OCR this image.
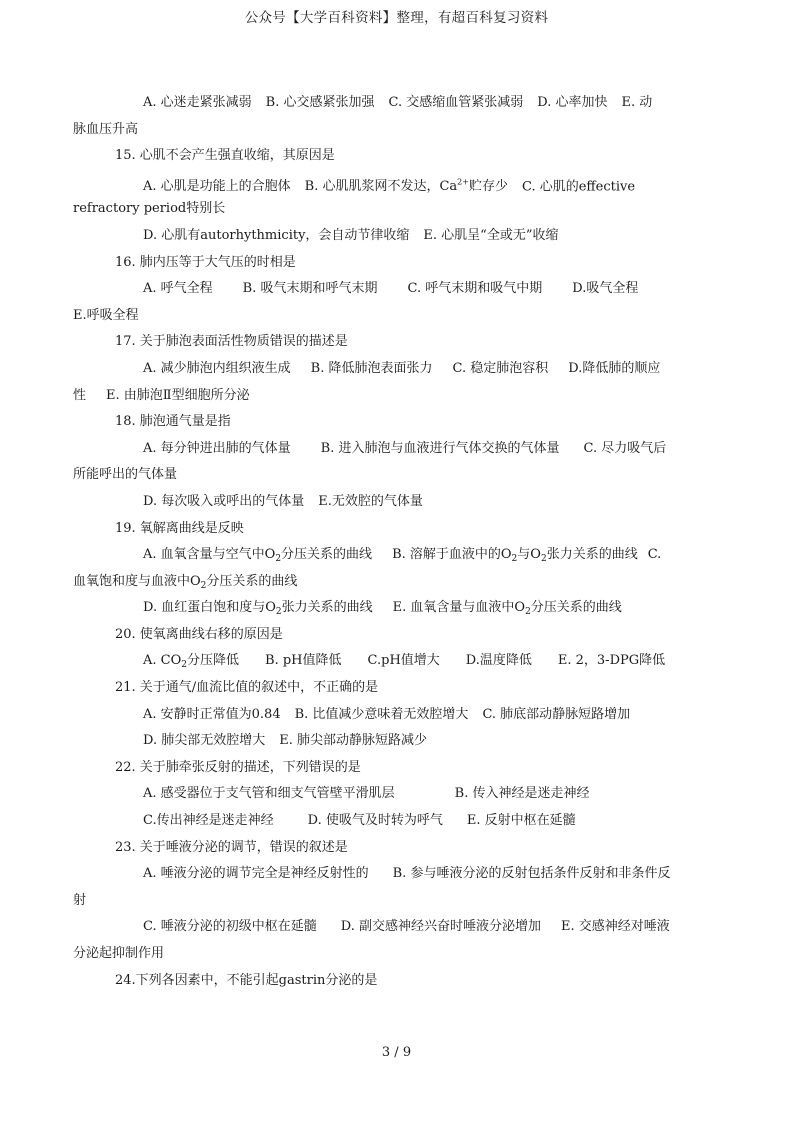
公众号【大学百科资料】整理，有超百科复习资料
A. 心迷走紧张减弱 B. 心交感紧张加强 C. 交感缩血管紧张减弱 D. 心率加快 E. 动
脉血压升高
15. 心肌不会产生强直收缩，其原因是
A. 心肌是功能上的合胞体 B. 心肌肌浆网不发达，$Ca^{2+}$贮存少 C. 心肌的effective
refractory period特别长
D. 心肌有autorhythmicity，会自动节律收缩 E. 心肌呈“全或无”收缩
16. 肺内压等于大气压的时相是
A. 呼气全程 B. 吸气末期和呼气末期 C. 呼气末期和吸气中期 D.吸气全程
E.呼吸全程
17. 关于肺泡表面活性物质错误的描述是
A. 减少肺泡内组织液生成 B. 降低肺泡表面张力 C. 稳定肺泡容积 D.降低肺的顺应
性 E. 由肺泡Ⅱ型细胞所分泌
18. 肺泡通气量是指
A. 每分钟进出肺的气体量 B. 进入肺泡与血液进行气体交换的气体量 C. 尽力吸气后
所能呼出的气体量
D. 每次吸入或呼出的气体量 E.无效腔的气体量
19. 氧解离曲线是反映
A. 血氧含量与空气中$O_2$分压关系的曲线 B. 溶解于血液中的$O_2$与$O_2$张力关系的曲线 C.
血氧饱和度与血液中$O_2$分压关系的曲线
D. 血红蛋白饱和度与$O_2$张力关系的曲线 E. 血氧含量与血液中$O_2$分压关系的曲线
20. 使氧离曲线右移的原因是
A. $CO_2$分压降低 B. pH值降低 C.pH值增大 D.温度降低 E. 2，3-DPG降低
21. 关于通气/血流比值的叙述中，不正确的是
A. 安静时正常值为0.84 B. 比值减少意味着无效腔增大 C. 肺底部动静脉短路增加
D. 肺尖部无效腔增大 E. 肺尖部动静脉短路减少
22. 关于肺牵张反射的描述，下列错误的是
A. 感受器位于支气管和细支气管壁平滑肌层	B. 传入神经是迷走神经
C.传出神经是迷走神经	D. 使吸气及时转为呼气 E. 反射中枢在延髓
23. 关于唾液分泌的调节，错误的叙述是
A. 唾液分泌的调节完全是神经反射性的 B. 参与唾液分泌的反射包括条件反射和非条件反
射
C. 唾液分泌的初级中枢在延髓 D. 副交感神经兴奋时唾液分泌增加 E. 交感神经对唾液
分泌起抑制作用
24.下列各因素中，不能引起gastrin分泌的是
3 / 9
